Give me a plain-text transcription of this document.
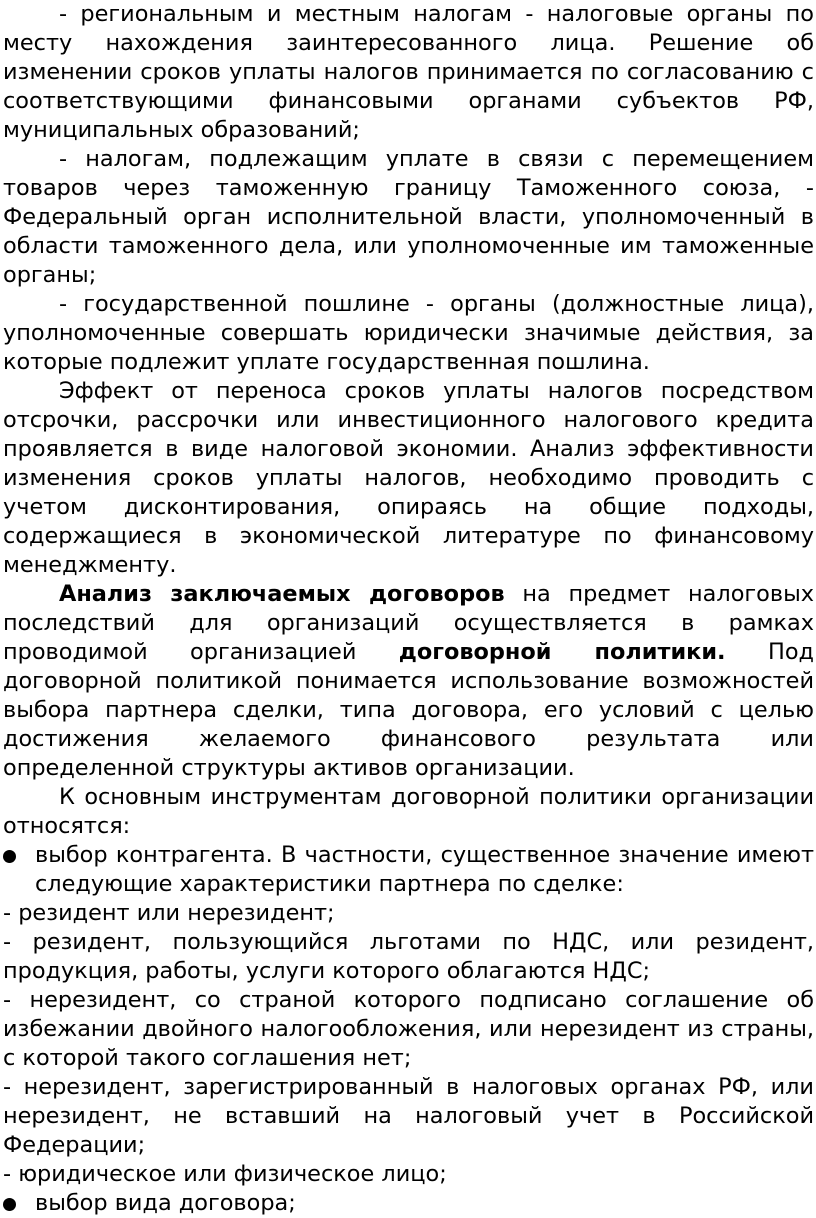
- региональным и местным налогам - налоговые органы по месту нахождения заинтересованного лица. Решение об изменении сроков уплаты налогов принимается по согласованию с соответствующими финансовыми органами субъектов РФ, муниципальных образований;

- налогам, подлежащим уплате в связи с перемещением товаров через таможенную границу Таможенного союза, - Федеральный орган исполнительной власти, уполномоченный в области таможенного дела, или уполномоченные им таможенные органы;

- государственной пошлине - органы (должностные лица), уполномоченные совершать юридически значимые действия, за которые подлежит уплате государственная пошлина.

Эффект от переноса сроков уплаты налогов посредством отсрочки, рассрочки или инвестиционного налогового кредита проявляется в виде налоговой экономии. Анализ эффективности изменения сроков уплаты налогов, необходимо проводить с учетом дисконтирования, опираясь на общие подходы, содержащиеся в экономической литературе по финансовому менеджменту.

Анализ заключаемых договоров на предмет налоговых последствий для организаций осуществляется в рамках проводимой организацией договорной политики. Под договорной политикой понимается использование возможностей выбора партнера сделки, типа договора, его условий с целью достижения желаемого финансового результата или определенной структуры активов организации.

К основным инструментам договорной политики организации относятся:

выбор контрагента. В частности, существенное значение имеют следующие характеристики партнера по сделке:

- резидент или нерезидент;

- резидент, пользующийся льготами по НДС, или резидент, продукция, работы, услуги которого облагаются НДС;

- нерезидент, со страной которого подписано соглашение об избежании двойного налогообложения, или нерезидент из страны, с которой такого соглашения нет;

- нерезидент, зарегистрированный в налоговых органах РФ, или нерезидент, не вставший на налоговый учет в Российской Федерации;

- юридическое или физическое лицо;

выбор вида договора;
